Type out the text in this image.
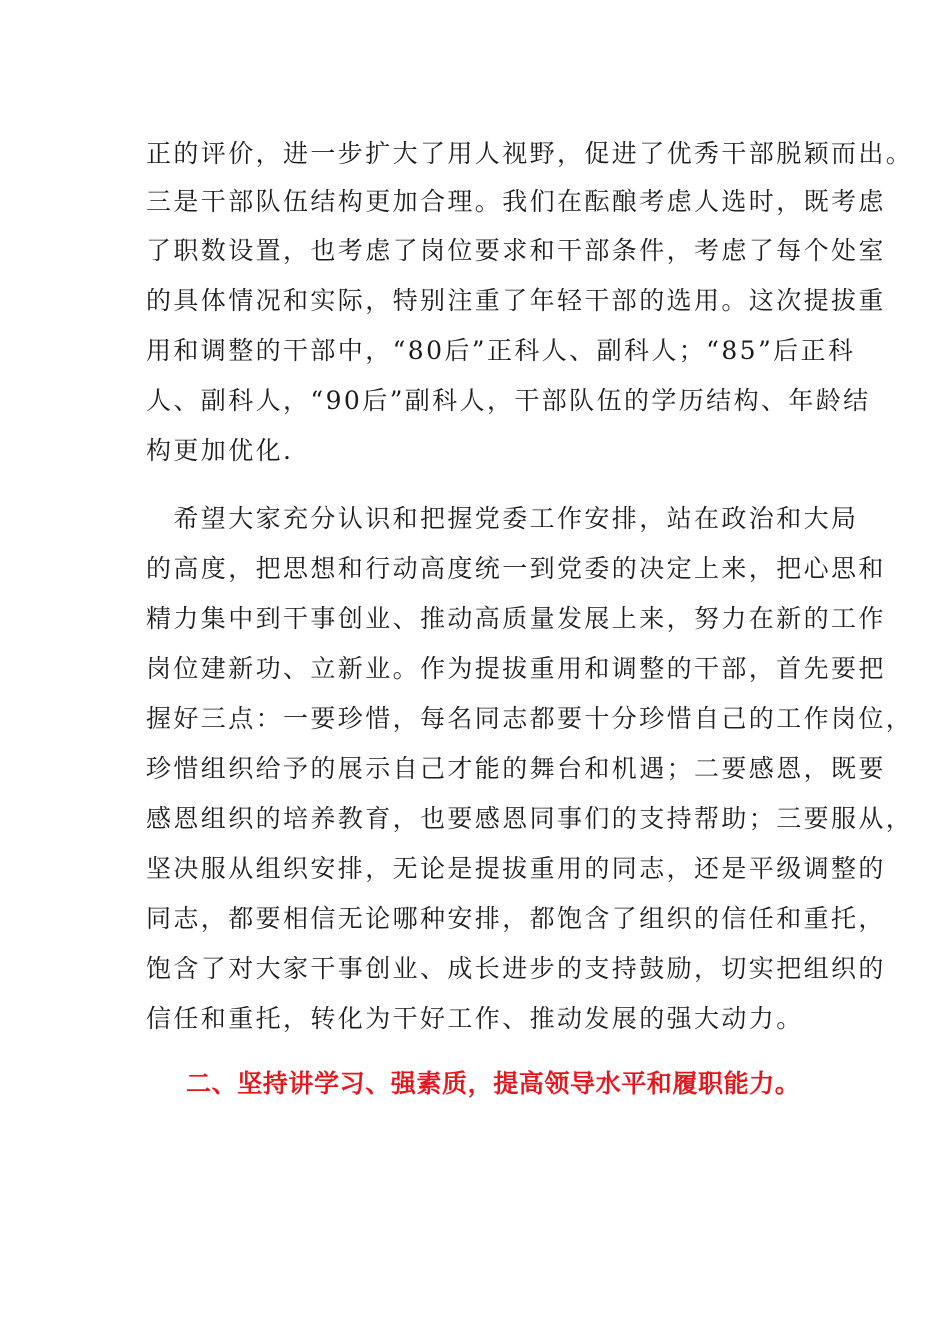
正的评价，进一步扩大了用人视野，促进了优秀干部脱颖而出。

三是干部队伍结构更加合理。我们在酝酿考虑人选时，既考虑

了职数设置，也考虑了岗位要求和干部条件，考虑了每个处室

的具体情况和实际，特别注重了年轻干部的选用。这次提拔重

用和调整的干部中，“80后”正科人、副科人；“85”后正科

人、副科人，“90后”副科人，干部队伍的学历结构、年龄结

构更加优化.

　希望大家充分认识和把握党委工作安排，站在政治和大局

的高度，把思想和行动高度统一到党委的决定上来，把心思和

精力集中到干事创业、推动高质量发展上来，努力在新的工作

岗位建新功、立新业。作为提拔重用和调整的干部，首先要把

握好三点：一要珍惜，每名同志都要十分珍惜自己的工作岗位，

珍惜组织给予的展示自己才能的舞台和机遇；二要感恩，既要

感恩组织的培养教育，也要感恩同事们的支持帮助；三要服从，

坚决服从组织安排，无论是提拔重用的同志，还是平级调整的

同志，都要相信无论哪种安排，都饱含了组织的信任和重托，

饱含了对大家干事创业、成长进步的支持鼓励，切实把组织的

信任和重托，转化为干好工作、推动发展的强大动力。

二、坚持讲学习、强素质，提高领导水平和履职能力。
